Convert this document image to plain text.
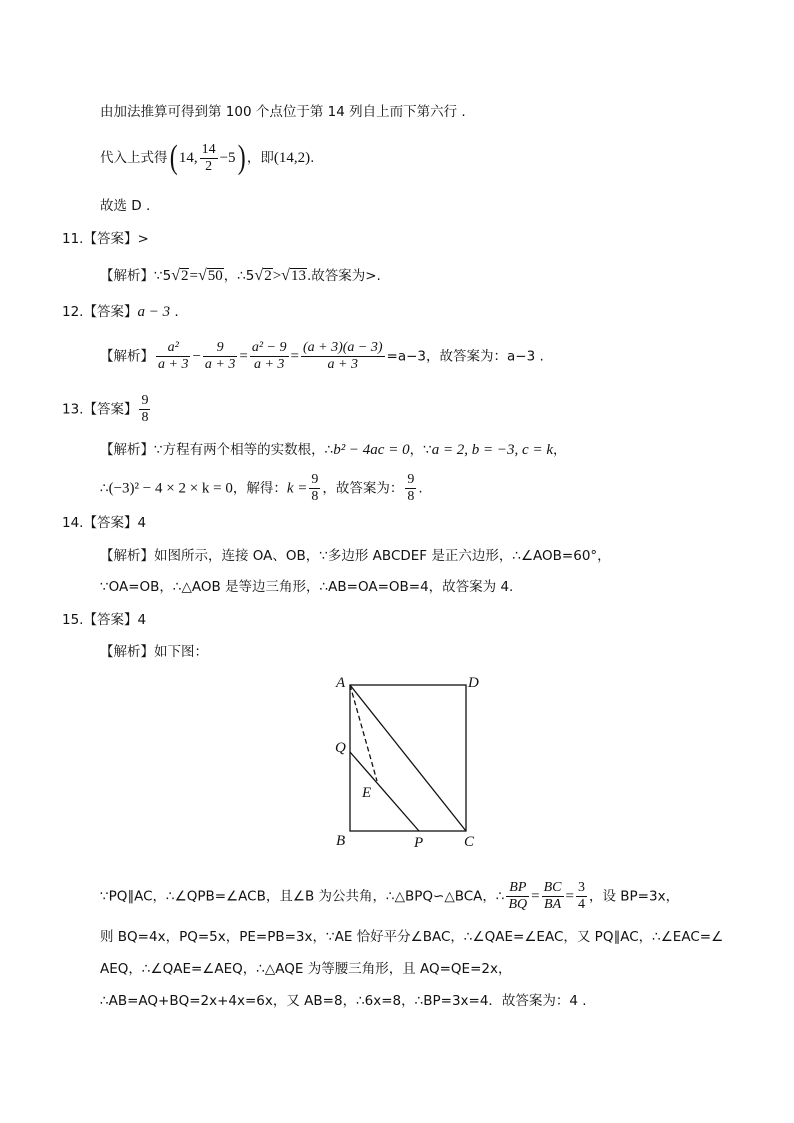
由加法推算可得到第 100 个点位于第 14 列自上而下第六行 .
代入上式得( 14, $\frac{14}{2} -5$) ，即(14,2).
故选 D .
11.【答案】>
【解析】∵5√2=√50，∴5√2>√13.故答案为>.
12.【答案】a − 3 .
【解析】 $\frac{\text{a²}}{a + 3} - \frac{9}{a + 3} = \frac{\text{a² − 9}}{a + 3} = \frac{(a + 3)(a - 3)}{a + 3} =a-3$，故答案为：a−3 .
13.【答案】 $\frac{9}{8}$
【解析】∵方程有两个相等的实数根，∴b² − 4ac = 0，∵a = 2, b = −3, c = k，
∴(−3)² − 4 × 2 × k = 0，解得：$k = \frac{9}{8}$ ，故答案为： $\frac{9}{8}$ .
14.【答案】4
【解析】如图所示，连接 OA、OB，∵多边形 ABCDEF 是正六边形，∴∠AOB=60°，
∵OA=OB，∴△AOB 是等边三角形，∴AB=OA=OB=4，故答案为 4.
15.【答案】4
【解析】如下图：
A	D
Q
E
B	P	C
∵PQ∥AC，∴∠QPB=∠ACB，且∠B 为公共角，∴△BPQ∽△BCA，∴ $\frac{BP}{BQ} = \frac{BC}{BA} = \frac{3}{4}$ ，设 BP=3x，
则 BQ=4x，PQ=5x，PE=PB=3x，∵AE 恰好平分∠BAC，∴∠QAE=∠EAC，又 PQ∥AC，∴∠EAC=∠
AEQ，∴∠QAE=∠AEQ，∴△AQE 为等腰三角形，且 AQ=QE=2x，
∴AB=AQ+BQ=2x+4x=6x，又 AB=8，∴6x=8，∴BP=3x=4．故答案为：4 .
